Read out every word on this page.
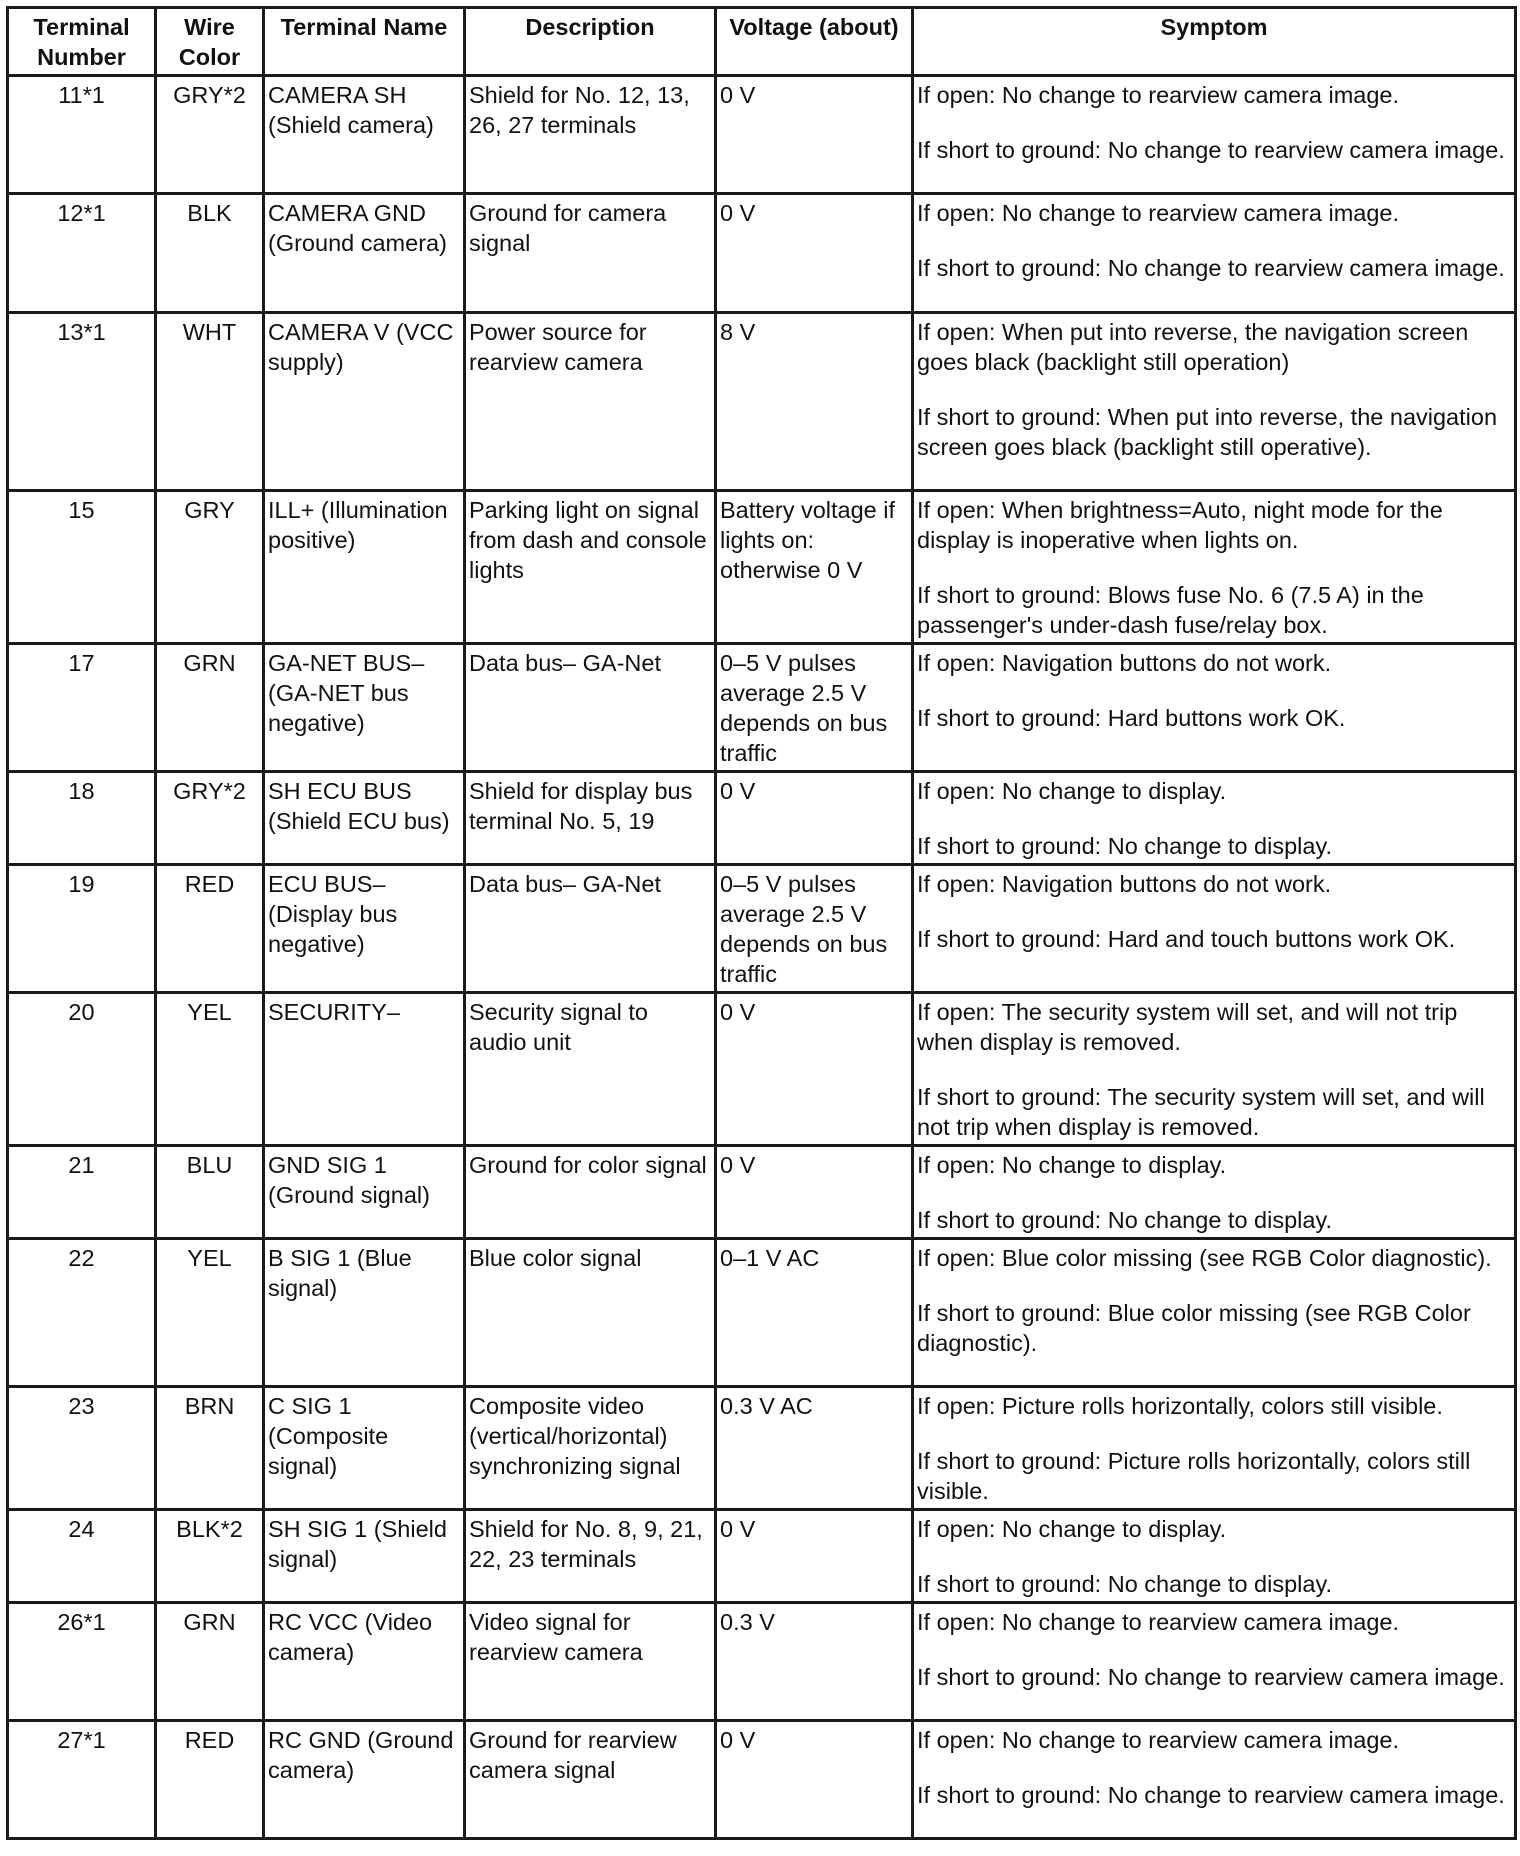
Terminal Number	Wire Color	Terminal Name	Description	Voltage (about)	Symptom
11*1	GRY*2	CAMERA SH (Shield camera)	Shield for No. 12, 13, 26, 27 terminals	0 V	If open: No change to rearview camera image.

If short to ground: No change to rearview camera image.

12*1	BLK	CAMERA GND (Ground camera)	Ground for camera signal	0 V	If open: No change to rearview camera image.

If short to ground: No change to rearview camera image.

13*1	WHT	CAMERA V (VCC supply)	Power source for rearview camera	8 V	If open: When put into reverse, the navigation screen goes black (backlight still operation)

If short to ground: When put into reverse, the navigation screen goes black (backlight still operative).

15	GRY	ILL+ (Illumination positive)	Parking light on signal from dash and console lights	Battery voltage if lights on: otherwise 0 V	If open: When brightness=Auto, night mode for the display is inoperative when lights on.

If short to ground: Blows fuse No. 6 (7.5 A) in the passenger's under-dash fuse/relay box.

17	GRN	GA-NET BUS– (GA-NET bus negative)	Data bus– GA-Net	0–5 V pulses average 2.5 V depends on bus traffic	If open: Navigation buttons do not work.

If short to ground: Hard buttons work OK.

18	GRY*2	SH ECU BUS (Shield ECU bus)	Shield for display bus terminal No. 5, 19	0 V	If open: No change to display.

If short to ground: No change to display.

19	RED	ECU BUS– (Display bus negative)	Data bus– GA-Net	0–5 V pulses average 2.5 V depends on bus traffic	If open: Navigation buttons do not work.

If short to ground: Hard and touch buttons work OK.

20	YEL	SECURITY–	Security signal to audio unit	0 V	If open: The security system will set, and will not trip when display is removed.

If short to ground: The security system will set, and will not trip when display is removed.

21	BLU	GND SIG 1 (Ground signal)	Ground for color signal	0 V	If open: No change to display.

If short to ground: No change to display.

22	YEL	B SIG 1 (Blue signal)	Blue color signal	0–1 V AC	If open: Blue color missing (see RGB Color diagnostic).

If short to ground: Blue color missing (see RGB Color diagnostic).

23	BRN	C SIG 1 (Composite signal)	Composite video (vertical/horizontal) synchronizing signal	0.3 V AC	If open: Picture rolls horizontally, colors still visible.

If short to ground: Picture rolls horizontally, colors still visible.

24	BLK*2	SH SIG 1 (Shield signal)	Shield for No. 8, 9, 21, 22, 23 terminals	0 V	If open: No change to display.

If short to ground: No change to display.

26*1	GRN	RC VCC (Video camera)	Video signal for rearview camera	0.3 V	If open: No change to rearview camera image.

If short to ground: No change to rearview camera image.

27*1	RED	RC GND (Ground camera)	Ground for rearview camera signal	0 V	If open: No change to rearview camera image.

If short to ground: No change to rearview camera image.
